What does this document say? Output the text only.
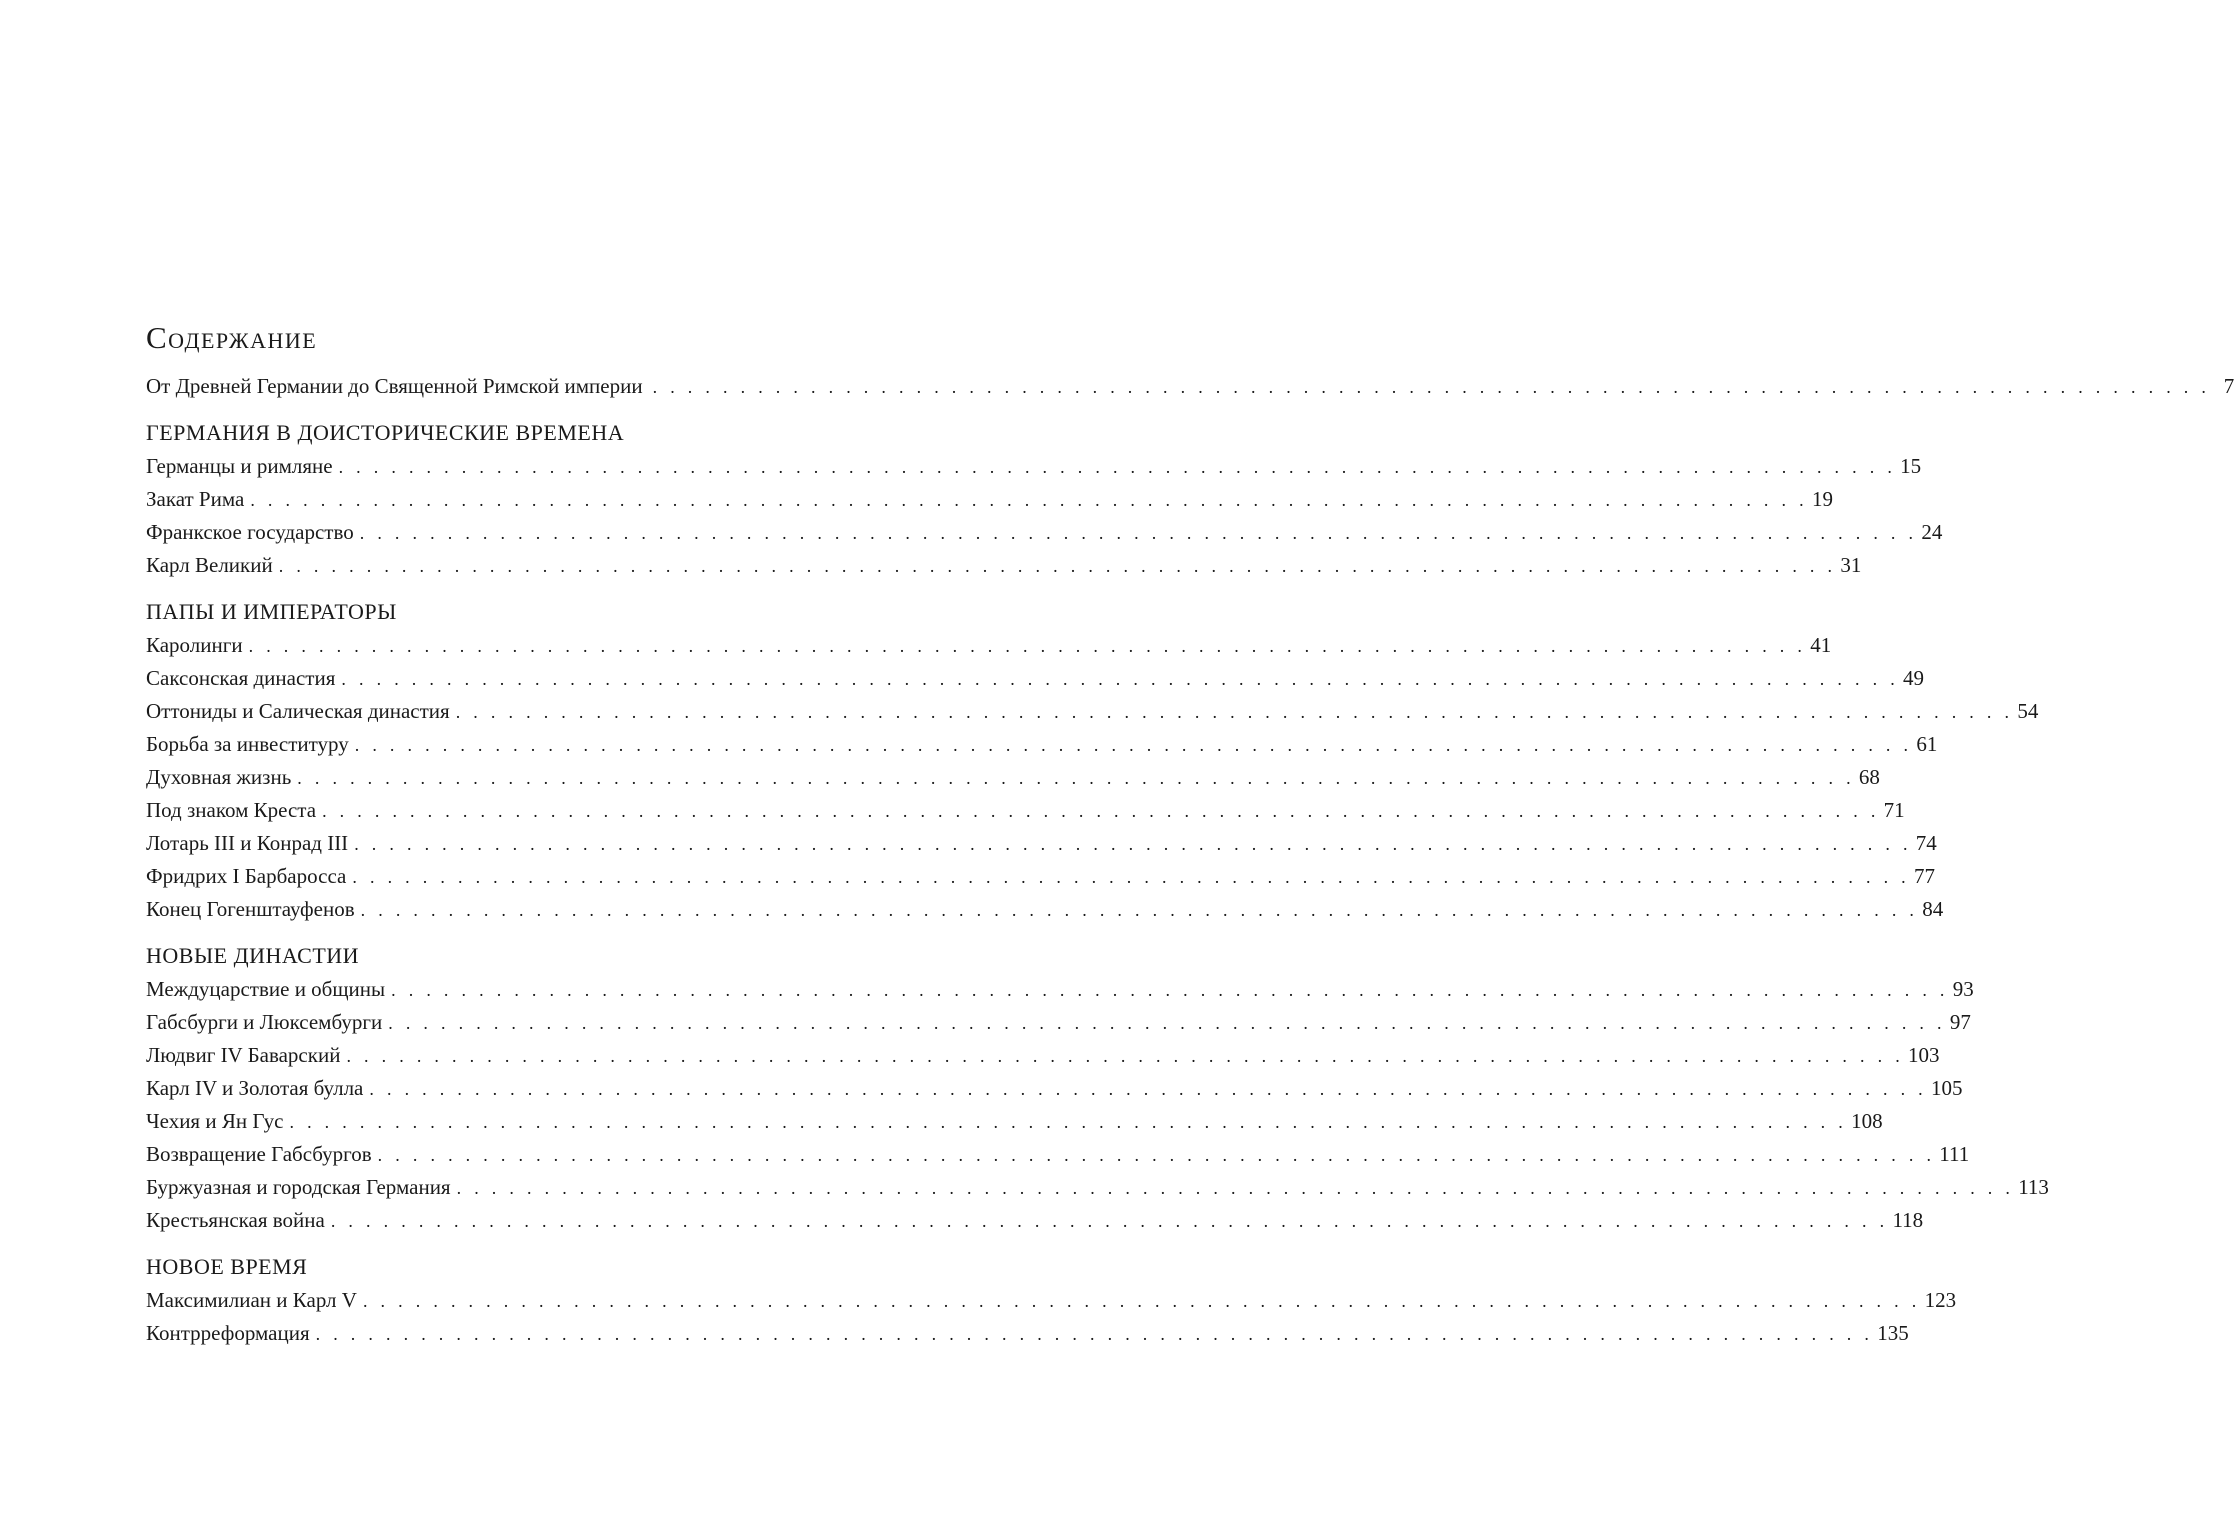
Содержание
От Древней Германии до Священной Римской империи . . . . . . . . . . . . . . . . . . . . . . . . . . . . . . . . . . . . . . . . . . . . . . . . . . . . . . . . . . . . . . . . . . . . . . . . . . . . . . . . . . . . . . . . . 7
ГЕРМАНИЯ В ДОИСТОРИЧЕСКИЕ ВРЕМЕНА
Германцы и римляне . . . . . . . . . . . . . . . . . . . . . . . . . . . . . . . . . . . . . . . . . . . . . . . . . . . . . . . . . . . . . . . . . . . . . . . . . . . . . . . . . . . . . . . . . 15
Закат Рима . . . . . . . . . . . . . . . . . . . . . . . . . . . . . . . . . . . . . . . . . . . . . . . . . . . . . . . . . . . . . . . . . . . . . . . . . . . . . . . . . . . . . . . . . 19
Франкское государство . . . . . . . . . . . . . . . . . . . . . . . . . . . . . . . . . . . . . . . . . . . . . . . . . . . . . . . . . . . . . . . . . . . . . . . . . . . . . . . . . . . . . . . . . 24
Карл Великий . . . . . . . . . . . . . . . . . . . . . . . . . . . . . . . . . . . . . . . . . . . . . . . . . . . . . . . . . . . . . . . . . . . . . . . . . . . . . . . . . . . . . . . . . 31
ПАПЫ И ИМПЕРАТОРЫ
Каролинги . . . . . . . . . . . . . . . . . . . . . . . . . . . . . . . . . . . . . . . . . . . . . . . . . . . . . . . . . . . . . . . . . . . . . . . . . . . . . . . . . . . . . . . . . 41
Саксонская династия . . . . . . . . . . . . . . . . . . . . . . . . . . . . . . . . . . . . . . . . . . . . . . . . . . . . . . . . . . . . . . . . . . . . . . . . . . . . . . . . . . . . . . . . . 49
Оттониды и Салическая династия . . . . . . . . . . . . . . . . . . . . . . . . . . . . . . . . . . . . . . . . . . . . . . . . . . . . . . . . . . . . . . . . . . . . . . . . . . . . . . . . . . . . . . . . . 54
Борьба за инвеституру . . . . . . . . . . . . . . . . . . . . . . . . . . . . . . . . . . . . . . . . . . . . . . . . . . . . . . . . . . . . . . . . . . . . . . . . . . . . . . . . . . . . . . . . . 61
Духовная жизнь . . . . . . . . . . . . . . . . . . . . . . . . . . . . . . . . . . . . . . . . . . . . . . . . . . . . . . . . . . . . . . . . . . . . . . . . . . . . . . . . . . . . . . . . . 68
Под знаком Креста . . . . . . . . . . . . . . . . . . . . . . . . . . . . . . . . . . . . . . . . . . . . . . . . . . . . . . . . . . . . . . . . . . . . . . . . . . . . . . . . . . . . . . . . . 71
Лотарь III и Конрад III . . . . . . . . . . . . . . . . . . . . . . . . . . . . . . . . . . . . . . . . . . . . . . . . . . . . . . . . . . . . . . . . . . . . . . . . . . . . . . . . . . . . . . . . . 74
Фридрих I Барбаросса . . . . . . . . . . . . . . . . . . . . . . . . . . . . . . . . . . . . . . . . . . . . . . . . . . . . . . . . . . . . . . . . . . . . . . . . . . . . . . . . . . . . . . . . . 77
Конец Гогенштауфенов . . . . . . . . . . . . . . . . . . . . . . . . . . . . . . . . . . . . . . . . . . . . . . . . . . . . . . . . . . . . . . . . . . . . . . . . . . . . . . . . . . . . . . . . . 84
НОВЫЕ ДИНАСТИИ
Междуцарствие и общины . . . . . . . . . . . . . . . . . . . . . . . . . . . . . . . . . . . . . . . . . . . . . . . . . . . . . . . . . . . . . . . . . . . . . . . . . . . . . . . . . . . . . . . . . 93
Габсбурги и Люксембурги . . . . . . . . . . . . . . . . . . . . . . . . . . . . . . . . . . . . . . . . . . . . . . . . . . . . . . . . . . . . . . . . . . . . . . . . . . . . . . . . . . . . . . . . . 97
Людвиг IV Баварский . . . . . . . . . . . . . . . . . . . . . . . . . . . . . . . . . . . . . . . . . . . . . . . . . . . . . . . . . . . . . . . . . . . . . . . . . . . . . . . . . . . . . . . . . 103
Карл IV и Золотая булла . . . . . . . . . . . . . . . . . . . . . . . . . . . . . . . . . . . . . . . . . . . . . . . . . . . . . . . . . . . . . . . . . . . . . . . . . . . . . . . . . . . . . . . . . 105
Чехия и Ян Гус . . . . . . . . . . . . . . . . . . . . . . . . . . . . . . . . . . . . . . . . . . . . . . . . . . . . . . . . . . . . . . . . . . . . . . . . . . . . . . . . . . . . . . . . . 108
Возвращение Габсбургов . . . . . . . . . . . . . . . . . . . . . . . . . . . . . . . . . . . . . . . . . . . . . . . . . . . . . . . . . . . . . . . . . . . . . . . . . . . . . . . . . . . . . . . . . 111
Буржуазная и городская Германия . . . . . . . . . . . . . . . . . . . . . . . . . . . . . . . . . . . . . . . . . . . . . . . . . . . . . . . . . . . . . . . . . . . . . . . . . . . . . . . . . . . . . . . . . 113
Крестьянская война . . . . . . . . . . . . . . . . . . . . . . . . . . . . . . . . . . . . . . . . . . . . . . . . . . . . . . . . . . . . . . . . . . . . . . . . . . . . . . . . . . . . . . . . . 118
НОВОЕ ВРЕМЯ
Максимилиан и Карл V . . . . . . . . . . . . . . . . . . . . . . . . . . . . . . . . . . . . . . . . . . . . . . . . . . . . . . . . . . . . . . . . . . . . . . . . . . . . . . . . . . . . . . . . . 123
Контрреформация . . . . . . . . . . . . . . . . . . . . . . . . . . . . . . . . . . . . . . . . . . . . . . . . . . . . . . . . . . . . . . . . . . . . . . . . . . . . . . . . . . . . . . . . . 135
